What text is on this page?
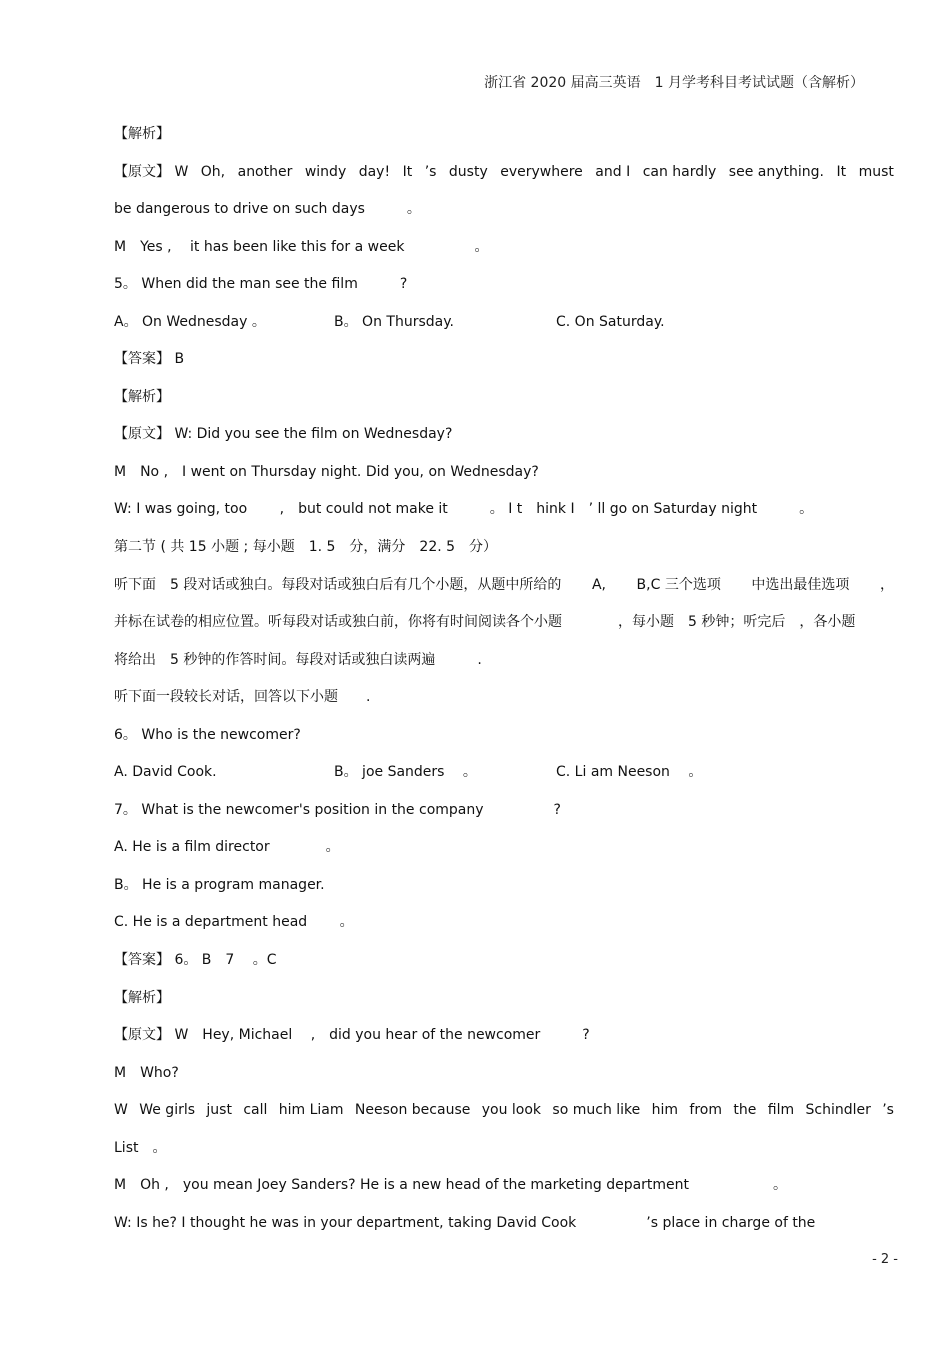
浙江省 2020 届高三英语　1 月学考科目考试试题（含解析）
【解析】
【原文】 W Oh, another windy day! It ’s dusty everywhere and I can hardly see anything. It must
be dangerous to drive on such days　　　。
M　Yes ,　 it has been like this for a week　　　　　。
5。 When did the man see the film　　　?
A。 On Wednesday 。	B。 On Thursday.	C. On Saturday.
【答案】 B
【解析】
【原文】 W: Did you see the film on Wednesday?
M　No ,　I went on Thursday night. Did you, on Wednesday?
W: I was going, too　　 ,　but could not make it　　　。 I t　hink I　’ ll go on Saturday night　　　。
第二节 ( 共 15 小题 ; 每小题　1. 5　分，满分　22. 5　分）
听下面　5 段对话或独白。每段对话或独白后有几个小题，从题中所给的 A, B,C 三个选项 中选出最佳选项 ，
并标在试卷的相应位置。听每段对话或独白前，你将有时间阅读各个小题　　　　，每小题　5 秒钟；听完后　，各小题
将给出　5 秒钟的作答时间。每段对话或独白读两遍　　　.
听下面一段较长对话，回答以下小题　　.
6。 Who is the newcomer?
A. David Cook.	B。 joe Sanders　 。	C. Li am Neeson　 。
7。 What is the newcomer's position in the company　　　　　?
A. He is a film director　　　　。
B。 He is a program manager.
C. He is a department head　　 。
【答案】 6。 B　7　 。C
【解析】
【原文】 W　Hey, Michael　 ,　did you hear of the newcomer　　　?
M　Who?
W We girls just call him Liam Neeson because you look so much like him from the film Schindler ’s
List　。
M　Oh ,　you mean Joey Sanders? He is a new head of the marketing department　　　　　　。
W: Is he? I thought he was in your department, taking David Cook　　　　　’s place in charge of the
- 2 -
